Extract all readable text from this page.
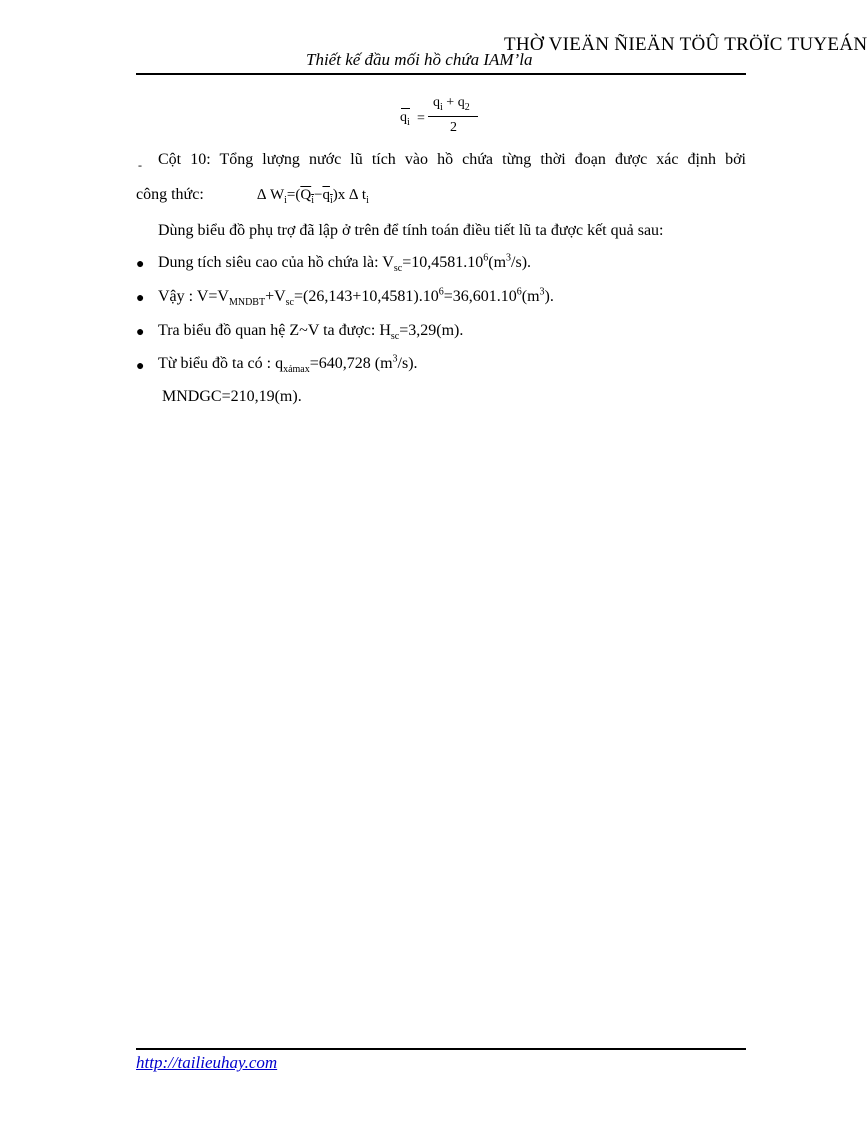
THỜ VIEÄN ÑIEÄN TÖÛ TRÖÏC TUYEÁN
Thiết kế đầu mối hồ chứa IAM’la
$q_i$ =
$q_i + q_2$
2
- Cột 10: Tổng lượng nước lũ tích vào hồ chứa từng thời đoạn được xác định bởi
công thức:	∆ $W_i=(Q_i-q_i)x$ ∆ $t_i$
Dùng biểu đồ phụ trợ đã lập ở trên để tính toán điều tiết lũ ta được kết quả sau:
● Dung tích siêu cao của hồ chứa là: $V_{sc}=10,4581.10^6(m^3/s)$.
● Vậy : $V=V_{MNDBT}+V_{sc}=(26,143+10,4581).10^6=36,601.10^6(m^3)$.
● Tra biểu đồ quan hệ Z~V ta được: $H_{sc}=3,29(m)$.
● Từ biểu đồ ta có : $q_{xảmax}=640,728$ $(m^3/s)$.
MNDGC=210,19(m).
http://tailieuhay.com
